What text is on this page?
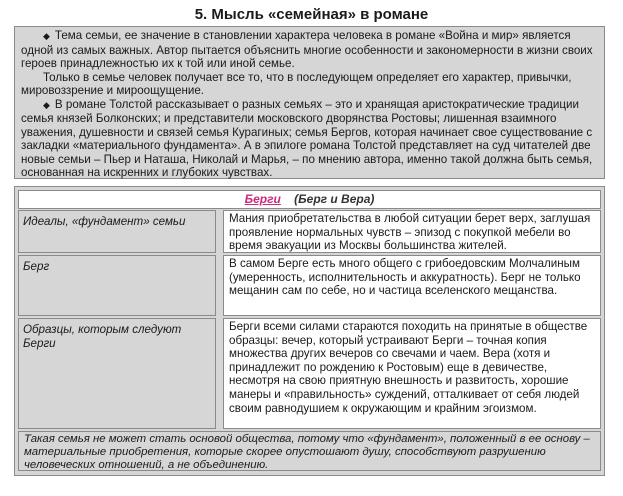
5. Мысль «семейная» в романе

◆ Тема семьи, ее значение в становлении характера человека в романе «Война и мир» является одной из самых важных. Автор пытается объяснить многие особенности и закономерности в жизни своих героев принадлежностью их к той или иной семье.

Только в семье человек получает все то, что в последующем определяет его характер, привычки, мировоззрение и мироощущение.

◆ В романе Толстой рассказывает о разных семьях – это и хранящая аристократические традиции семья князей Болконских; и представители московского дворянства Ростовы; лишенная взаимного уважения, душевности и связей семья Курагиных; семья Бергов, которая начинает свое существование с закладки «материального фундамента». А в эпилоге романа Толстой представляет на суд читателей две новые семьи – Пьер и Наташа, Николай и Марья, – по мнению автора, именно такой должна быть семья, основанная на искренних и глубоких чувствах.

Берги (Берг и Вера)
Идеалы, «фундамент» семьи	Мания приобретательства в любой ситуации берет верх, заглушая проявление нормальных чувств – эпизод с покупкой мебели во время эвакуации из Москвы большинства жителей.
Берг	В самом Берге есть много общего с грибоедовским Молчалиным (умеренность, исполнительность и аккуратность). Берг не только мещанин сам по себе, но и частица вселенского мещанства.
Образцы, которым следуют Берги
Берги всеми силами стараются походить на принятые в обществе образцы: вечер, который устраивают Берги – точная копия множества других вечеров со свечами и чаем. Вера (хотя и принадлежит по рождению к Ростовым) еще в девичестве, несмотря на свою приятную внешность и развитость, хорошие манеры и «правильность» суждений, отталкивает от себя людей своим равнодушием к окружающим и крайним эгоизмом.
Такая семья не может стать основой общества, потому что «фундамент», положенный в ее основу – материальные приобретения, которые скорее опустошают душу, способствуют разрушению человеческих отношений, а не объединению.
